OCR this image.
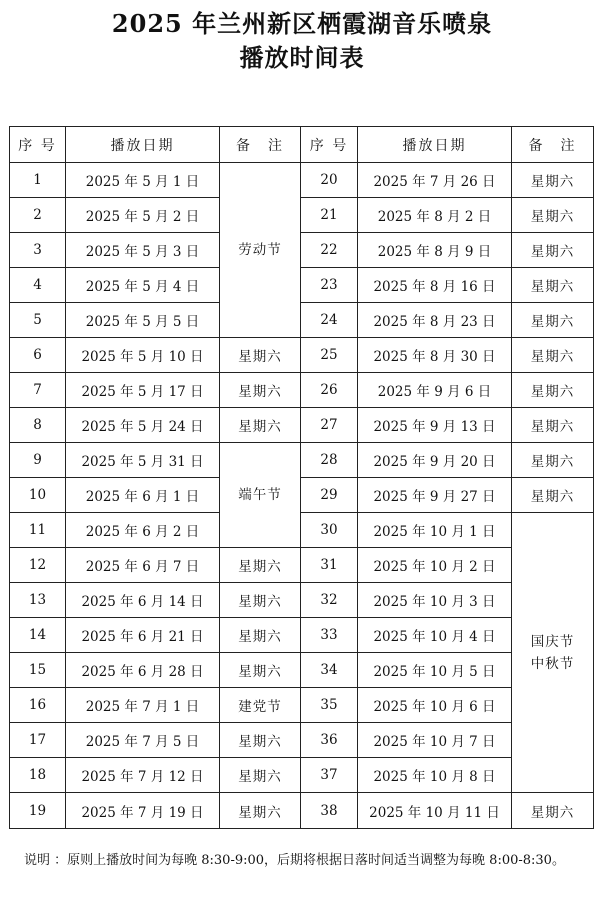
2025 年兰州新区栖霞湖音乐喷泉
播放时间表
序 号	播放日期	备　注	序 号	播放日期	备　注
1	2025 年 5 月 1 日	劳动节	20	2025 年 7 月 26 日	星期六
2	2025 年 5 月 2 日		21	2025 年 8 月 2 日	星期六
3	2025 年 5 月 3 日		22	2025 年 8 月 9 日	星期六
4	2025 年 5 月 4 日		23	2025 年 8 月 16 日	星期六
5	2025 年 5 月 5 日		24	2025 年 8 月 23 日	星期六
6	2025 年 5 月 10 日	星期六	25	2025 年 8 月 30 日	星期六
7	2025 年 5 月 17 日	星期六	26	2025 年 9 月 6 日	星期六
8	2025 年 5 月 24 日	星期六	27	2025 年 9 月 13 日	星期六
9	2025 年 5 月 31 日	端午节	28	2025 年 9 月 20 日	星期六
10	2025 年 6 月 1 日		29	2025 年 9 月 27 日	星期六
11	2025 年 6 月 2 日		30	2025 年 10 月 1 日	国庆节
中秋节
12	2025 年 6 月 7 日	星期六	31	2025 年 10 月 2 日	
13	2025 年 6 月 14 日	星期六	32	2025 年 10 月 3 日	
14	2025 年 6 月 21 日	星期六	33	2025 年 10 月 4 日	
15	2025 年 6 月 28 日	星期六	34	2025 年 10 月 5 日	
16	2025 年 7 月 1 日	建党节	35	2025 年 10 月 6 日	
17	2025 年 7 月 5 日	星期六	36	2025 年 10 月 7 日	
18	2025 年 7 月 12 日	星期六	37	2025 年 10 月 8 日	
19	2025 年 7 月 19 日	星期六	38	2025 年 10 月 11 日	星期六
说明 ：原则上播放时间为每晚 8:30-9:00，后期将根据日落时间适当调整为每晚 8:00-8:30。
